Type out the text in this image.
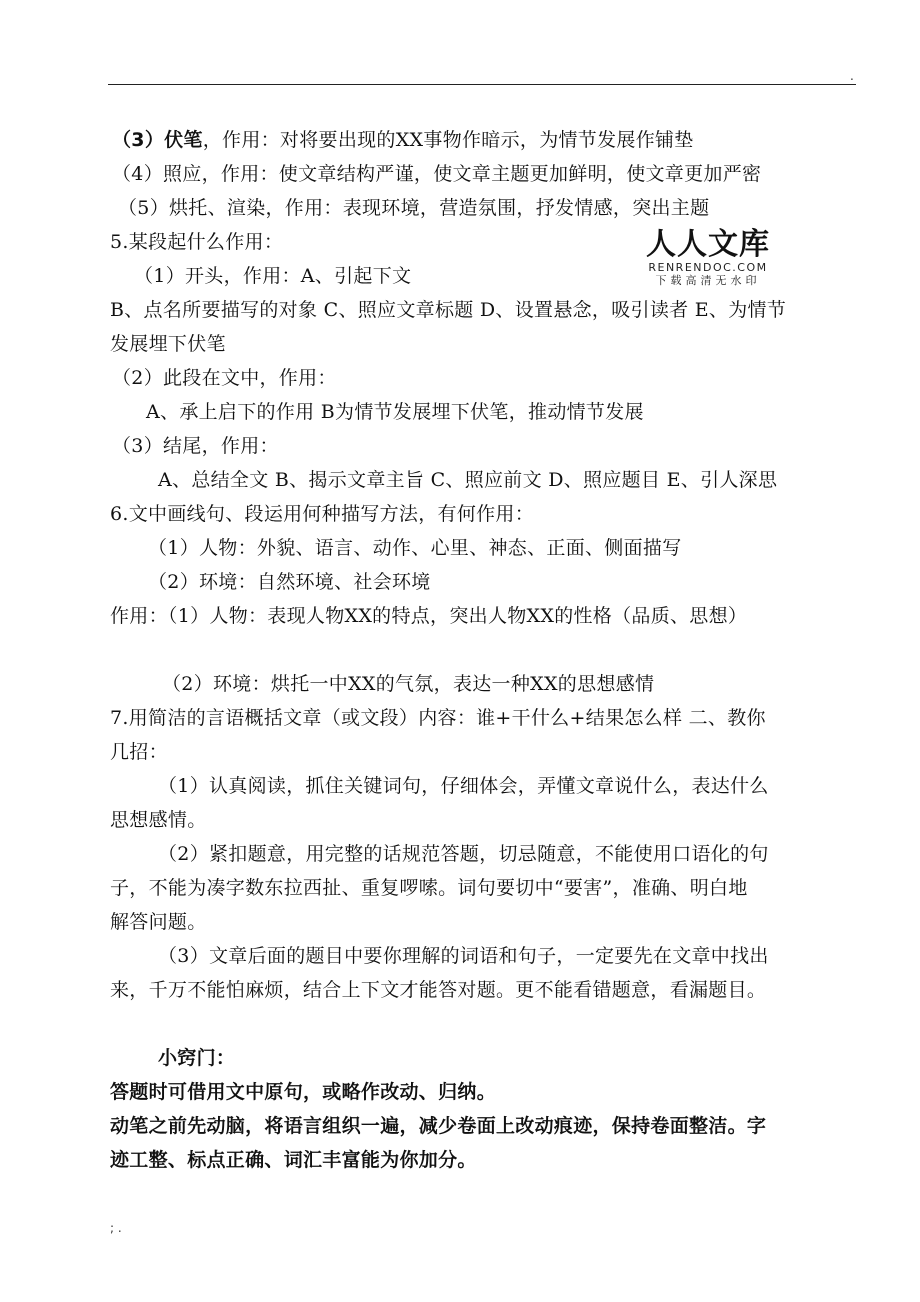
.
人人文库
RENRENDOC.COM
下载高清无水印
（3）伏笔，作用：对将要出现的XX事物作暗示，为情节发展作铺垫
（4）照应，作用：使文章结构严谨，使文章主题更加鲜明，使文章更加严密
（5）烘托、渲染，作用：表现环境，营造氛围，抒发情感，突出主题
5.某段起什么作用：
（1）开头，作用：A、引起下文
B、点名所要描写的对象 C、照应文章标题 D、设置悬念，吸引读者 E、为情节
发展埋下伏笔
（2）此段在文中，作用：
A、承上启下的作用 B为情节发展埋下伏笔，推动情节发展
（3）结尾，作用：
A、总结全文 B、揭示文章主旨 C、照应前文 D、照应题目 E、引人深思
6.文中画线句、段运用何种描写方法，有何作用：
（1）人物：外貌、语言、动作、心里、神态、正面、侧面描写
（2）环境：自然环境、社会环境
作用：（1）人物：表现人物XX的特点，突出人物XX的性格（品质、思想）
（2）环境：烘托一中XX的气氛，表达一种XX的思想感情
7.用简洁的言语概括文章（或文段）内容：谁+干什么+结果怎么样 二、教你
几招：
（1）认真阅读，抓住关键词句，仔细体会，弄懂文章说什么，表达什么
思想感情。
（2）紧扣题意，用完整的话规范答题，切忌随意，不能使用口语化的句
子，不能为凑字数东拉西扯、重复啰嗦。词句要切中“要害”，准确、明白地
解答问题。
（3）文章后面的题目中要你理解的词语和句子，一定要先在文章中找出
来，千万不能怕麻烦，结合上下文才能答对题。更不能看错题意，看漏题目。
小窍门：
答题时可借用文中原句，或略作改动、归纳。
动笔之前先动脑，将语言组织一遍，减少卷面上改动痕迹，保持卷面整洁。字
迹工整、标点正确、词汇丰富能为你加分。
; .
